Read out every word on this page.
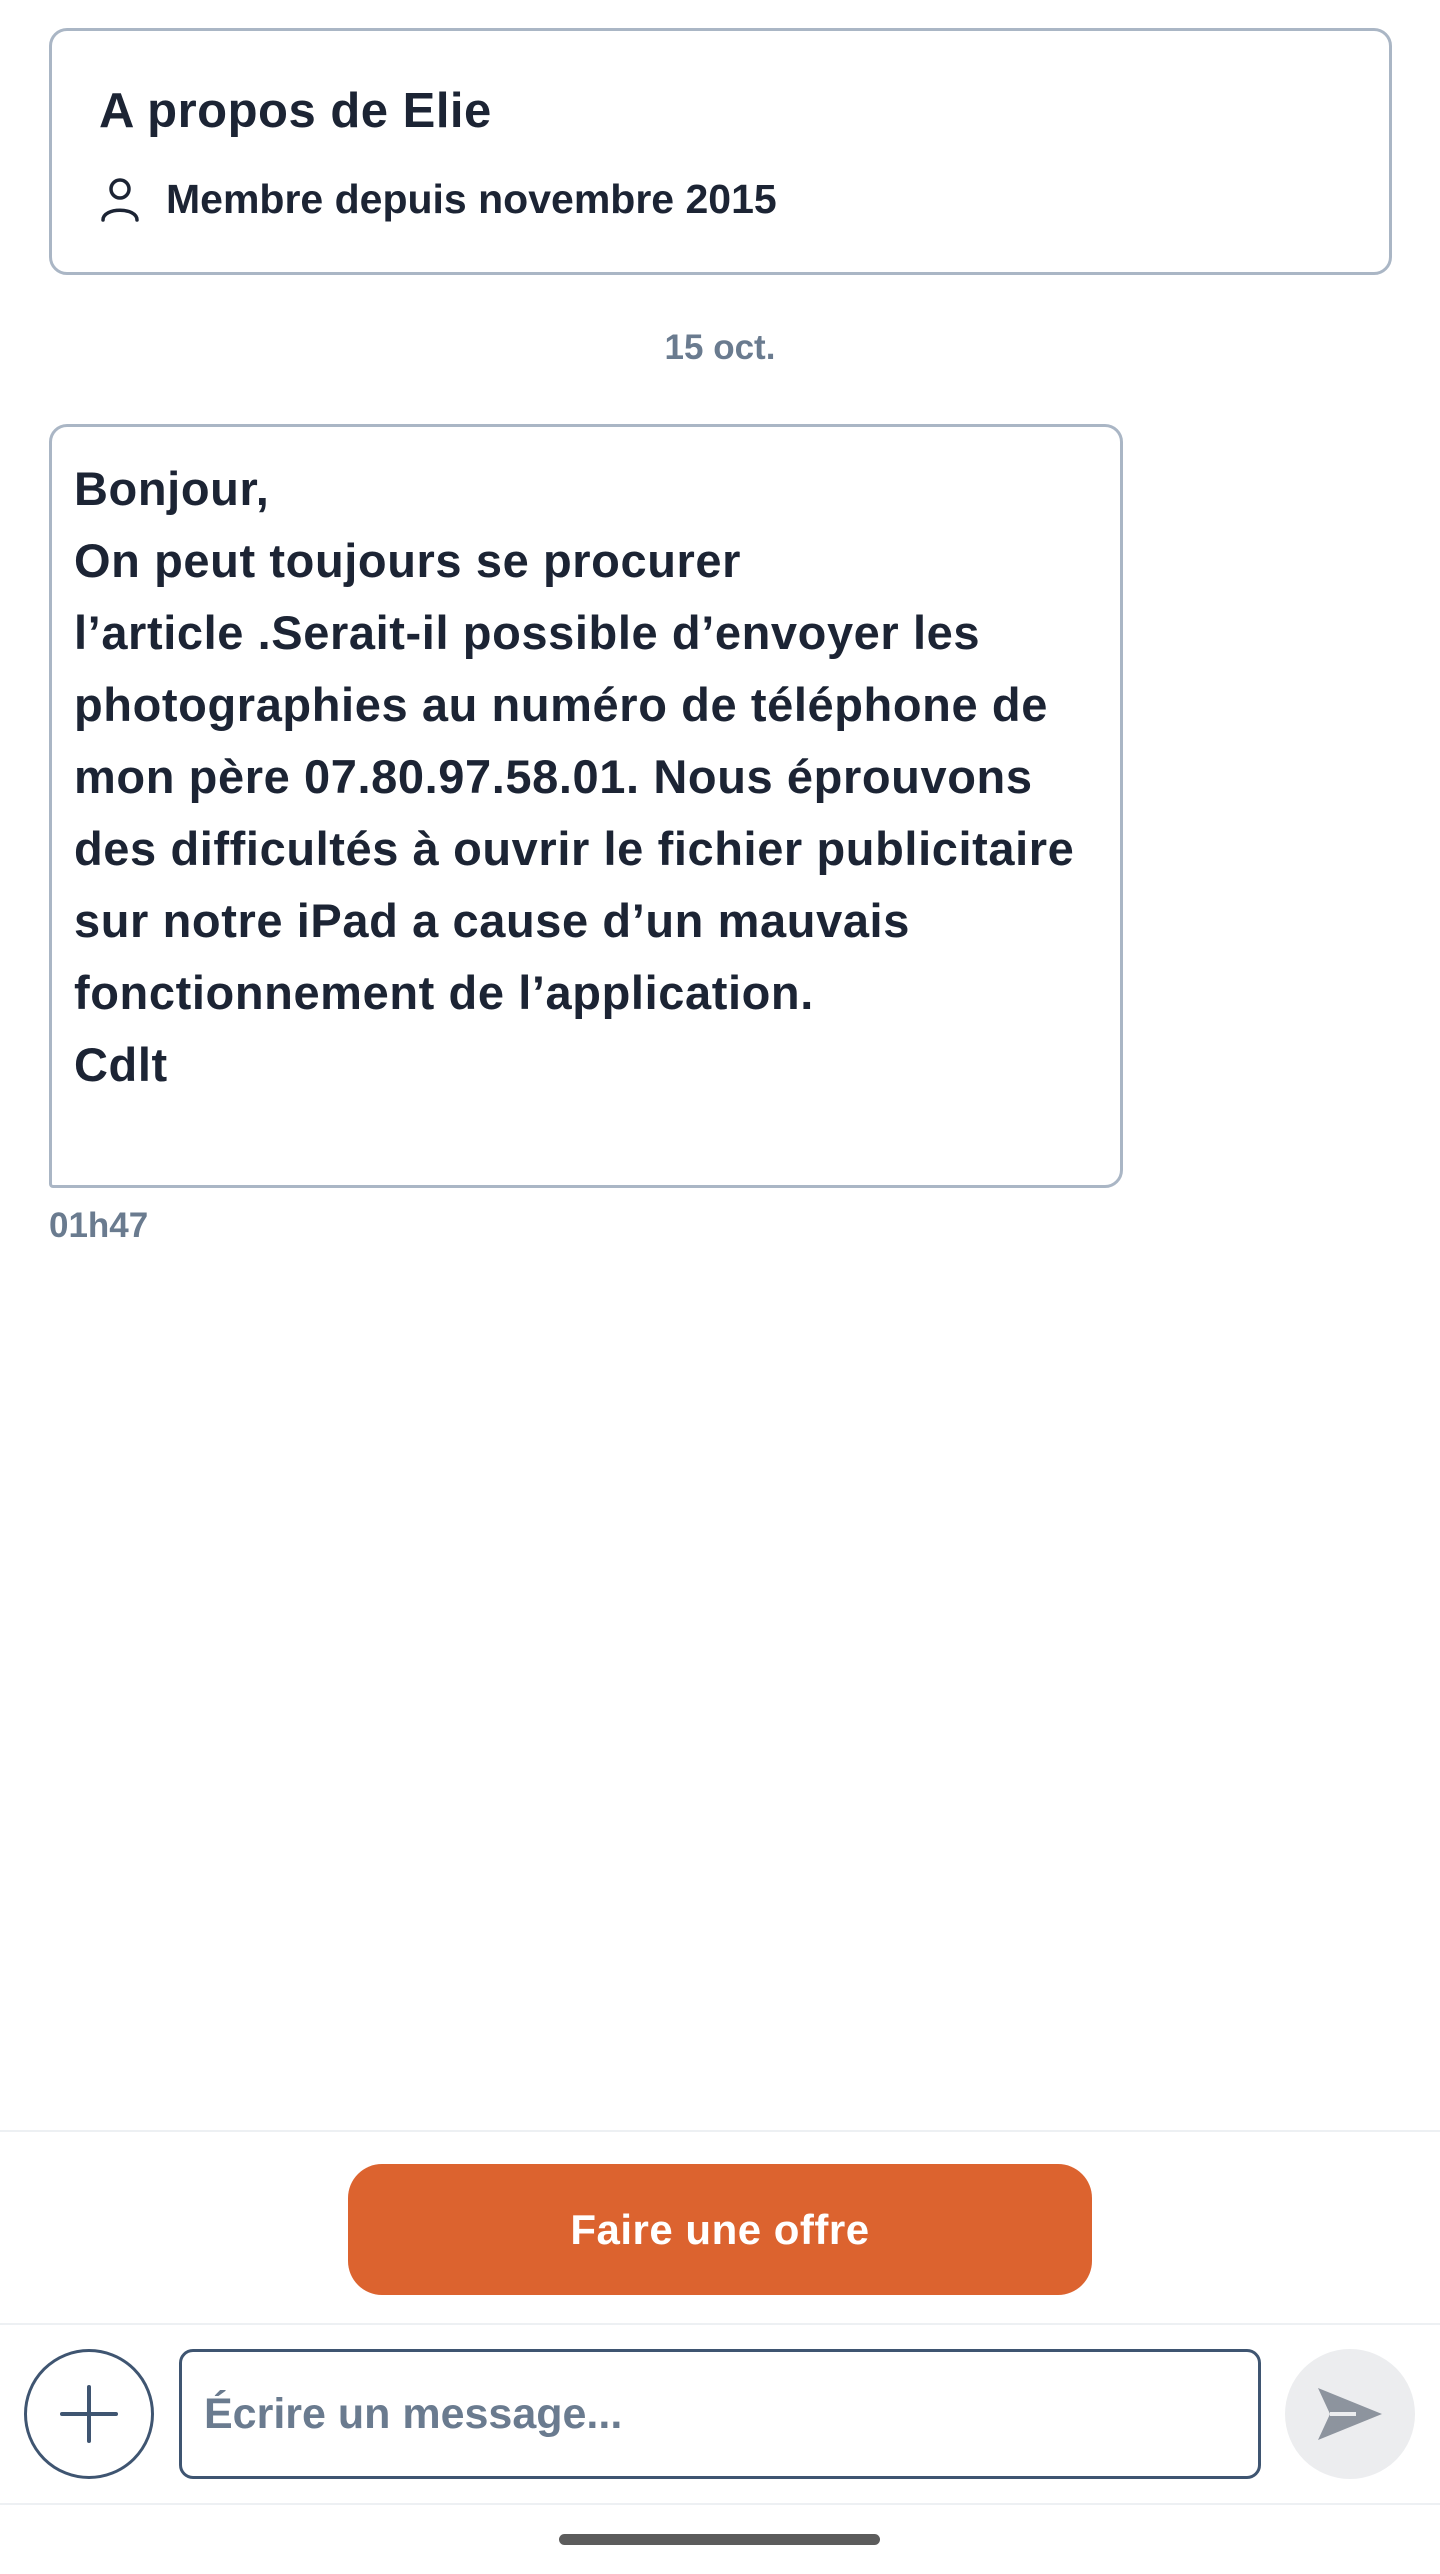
A propos de Elie
Membre depuis novembre 2015
15 oct.
Bonjour,
On peut toujours se procurer
l’article .Serait-il possible d’envoyer les photographies au numéro de téléphone de mon père 07.80.97.58.01. Nous éprouvons des difficultés à ouvrir le fichier publicitaire sur notre iPad a cause d’un mauvais fonctionnement de l’application.
Cdlt
01h47
Faire une offre
Écrire un message...
